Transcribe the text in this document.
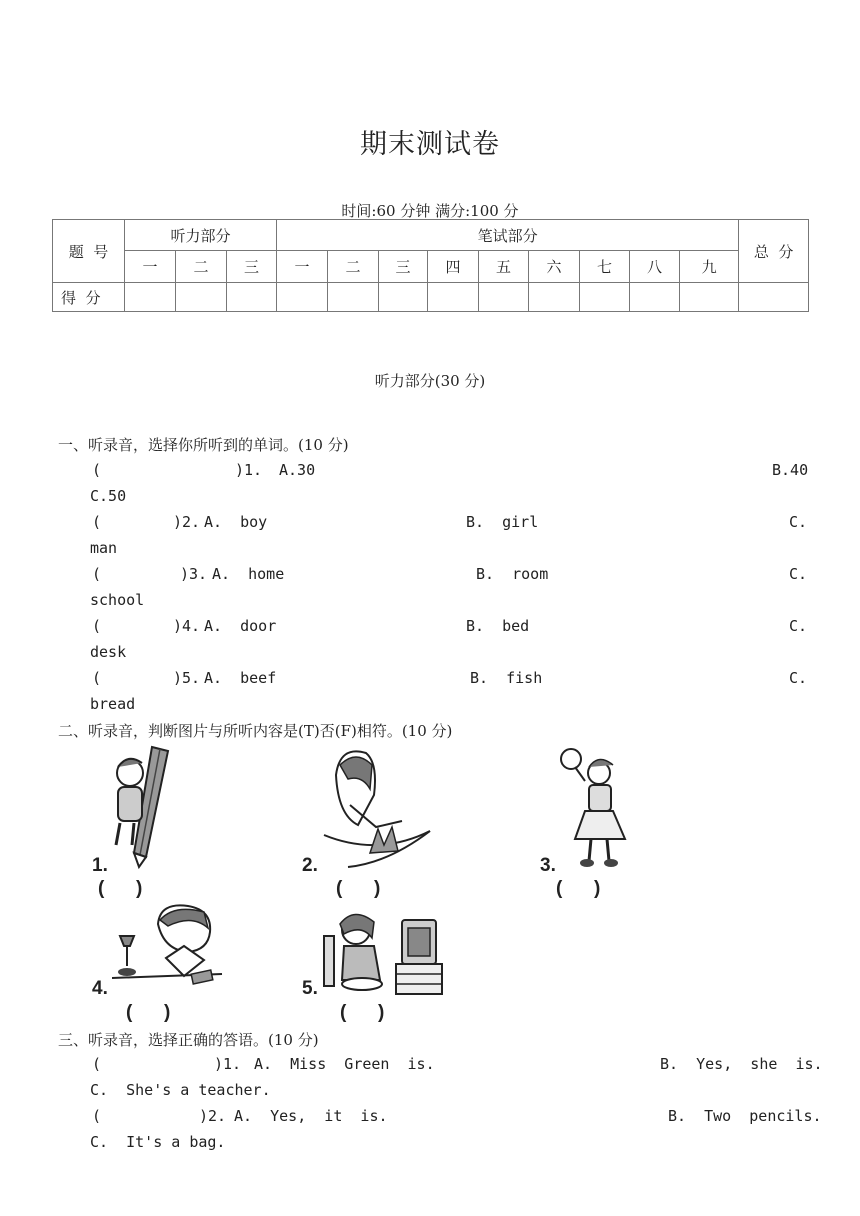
期末测试卷
时间:60 分钟 满分:100 分
题  号	听力部分			笔试部分									总  分
	一	二	三	一	二	三	四	五	六	七	八	九	
得  分													
听力部分(30 分)
一、听录音，选择你所听到的单词。(10 分)
(	)1. A.30	B.40
C.50
(	)2. A.  boy	B.  girl	C.
man
(	)3. A.  home	B.  room	C.
school
(	)4. A.  door	B.  bed	C.
desk
(	)5. A.  beef	B.  fish	C.
bread
二、听录音，判断图片与所听内容是(T)否(F)相符。(10 分)
1.
(      )
2.
(      )
3.
(      )
4.
(      )
5.
(      )
三、听录音，选择正确的答语。(10 分)
(	)1. A.  Miss  Green  is.	B.  Yes,  she  is.
C.  She's a teacher.
(	)2. A.  Yes,  it  is.	B.  Two  pencils.
C.  It's a bag.
